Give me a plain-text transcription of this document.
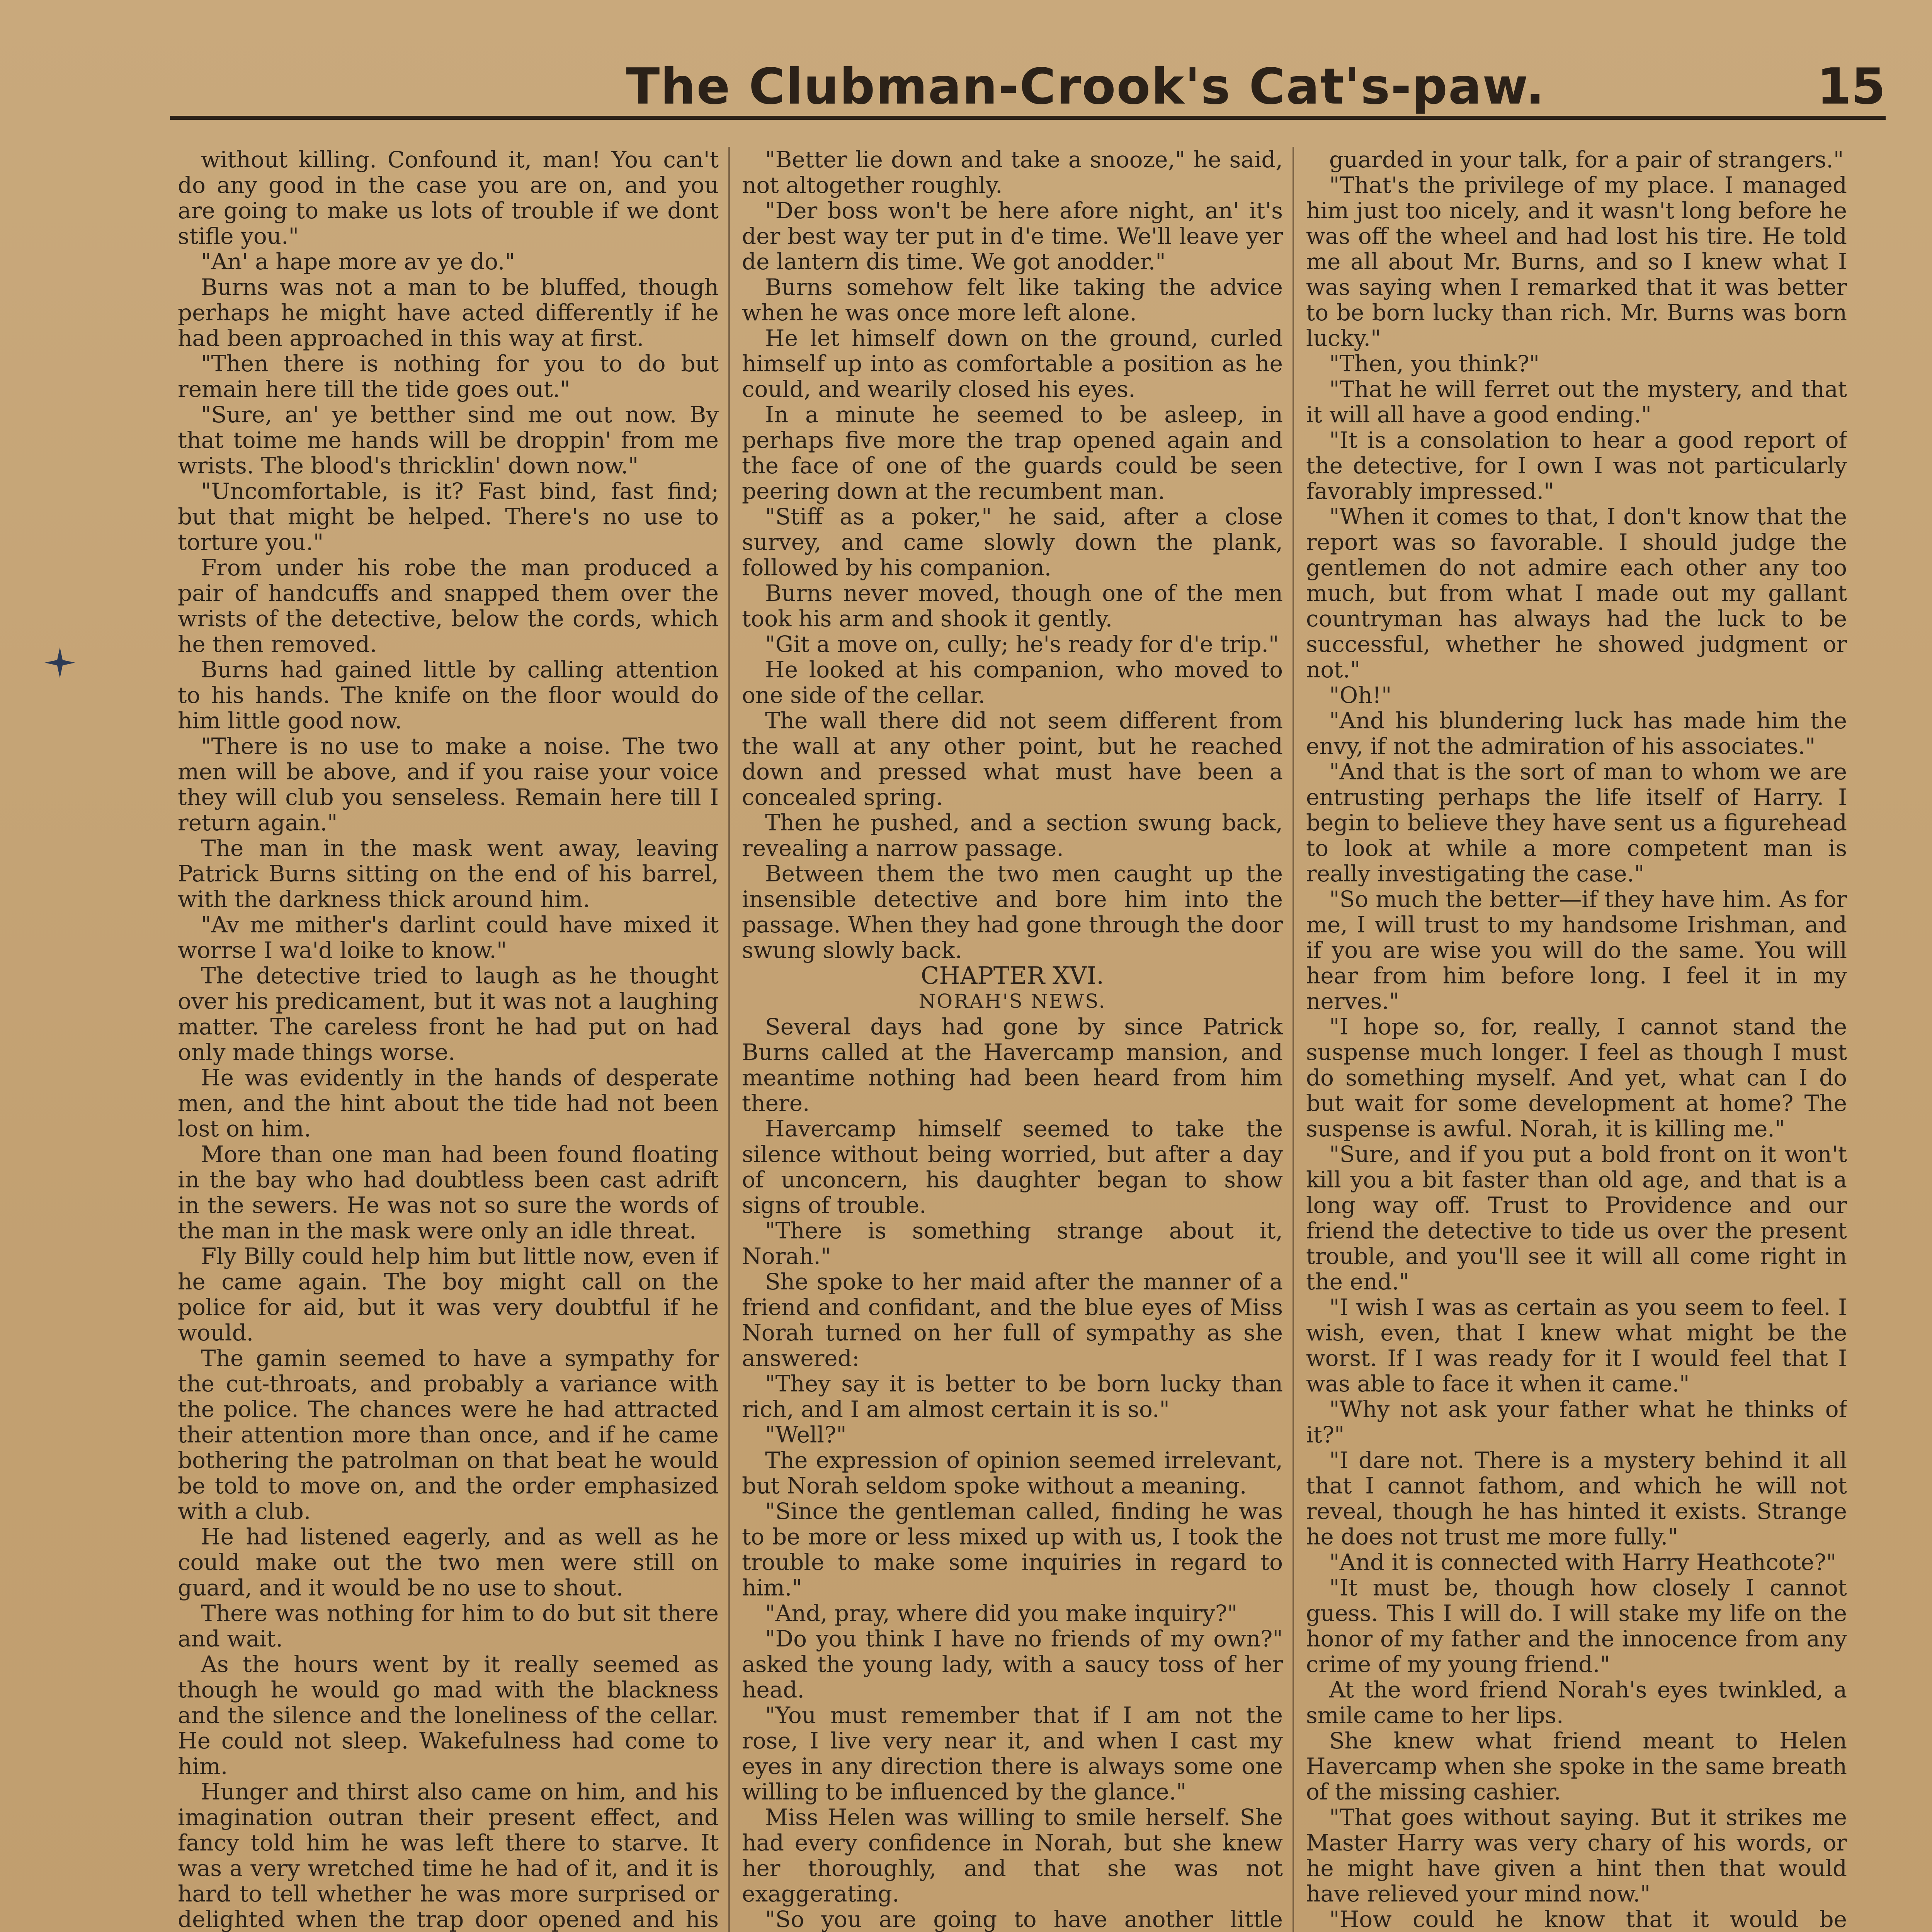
The Clubman-Crook's Cat's-paw.	15

without killing. Confound it, man! You can't do any good in the case you are on, and you are going to make us lots of trouble if we dont stifle you."

"An' a hape more av ye do."

Burns was not a man to be bluffed, though perhaps he might have acted differently if he had been approached in this way at first.

"Then there is nothing for you to do but remain here till the tide goes out."

"Sure, an' ye betther sind me out now. By that toime me hands will be droppin' from me wrists. The blood's thricklin' down now."

"Uncomfortable, is it? Fast bind, fast find; but that might be helped. There's no use to torture you."

From under his robe the man produced a pair of handcuffs and snapped them over the wrists of the detective, below the cords, which he then removed.

Burns had gained little by calling attention to his hands. The knife on the floor would do him little good now.

"There is no use to make a noise. The two men will be above, and if you raise your voice they will club you senseless. Remain here till I return again."

The man in the mask went away, leaving Patrick Burns sitting on the end of his barrel, with the darkness thick around him.

"Av me mither's darlint could have mixed it worrse I wa'd loike to know."

The detective tried to laugh as he thought over his predicament, but it was not a laughing matter. The careless front he had put on had only made things worse.

He was evidently in the hands of desperate men, and the hint about the tide had not been lost on him.

More than one man had been found floating in the bay who had doubtless been cast adrift in the sewers. He was not so sure the words of the man in the mask were only an idle threat.

Fly Billy could help him but little now, even if he came again. The boy might call on the police for aid, but it was very doubtful if he would.

The gamin seemed to have a sympathy for the cut-throats, and probably a variance with the police. The chances were he had attracted their attention more than once, and if he came bothering the patrolman on that beat he would be told to move on, and the order emphasized with a club.

He had listened eagerly, and as well as he could make out the two men were still on guard, and it would be no use to shout.

There was nothing for him to do but sit there and wait.

As the hours went by it really seemed as though he would go mad with the blackness and the silence and the loneliness of the cellar. He could not sleep. Wakefulness had come to him.

Hunger and thirst also came on him, and his imagination outran their present effect, and fancy told him he was left there to starve. It was a very wretched time he had of it, and it is hard to tell whether he was more surprised or delighted when the trap door opened and his

"Better lie down and take a snooze," he said, not altogether roughly.

"Der boss won't be here afore night, an' it's der best way ter put in d'e time. We'll leave yer de lantern dis time. We got anodder."

Burns somehow felt like taking the advice when he was once more left alone.

He let himself down on the ground, curled himself up into as comfortable a position as he could, and wearily closed his eyes.

In a minute he seemed to be asleep, in perhaps five more the trap opened again and the face of one of the guards could be seen peering down at the recumbent man.

"Stiff as a poker," he said, after a close survey, and came slowly down the plank, followed by his companion.

Burns never moved, though one of the men took his arm and shook it gently.

"Git a move on, cully; he's ready for d'e trip."

He looked at his companion, who moved to one side of the cellar.

The wall there did not seem different from the wall at any other point, but he reached down and pressed what must have been a concealed spring.

Then he pushed, and a section swung back, revealing a narrow passage.

Between them the two men caught up the insensible detective and bore him into the passage. When they had gone through the door swung slowly back.

CHAPTER XVI.

NORAH'S NEWS.

Several days had gone by since Patrick Burns called at the Havercamp mansion, and meantime nothing had been heard from him there.

Havercamp himself seemed to take the silence without being worried, but after a day of unconcern, his daughter began to show signs of trouble.

"There is something strange about it, Norah."

She spoke to her maid after the manner of a friend and confidant, and the blue eyes of Miss Norah turned on her full of sympathy as she answered:

"They say it is better to be born lucky than rich, and I am almost certain it is so."

"Well?"

The expression of opinion seemed irrelevant, but Norah seldom spoke without a meaning.

"Since the gentleman called, finding he was to be more or less mixed up with us, I took the trouble to make some inquiries in regard to him."

"And, pray, where did you make inquiry?"

"Do you think I have no friends of my own?" asked the young lady, with a saucy toss of her head.

"You must remember that if I am not the rose, I live very near it, and when I cast my eyes in any direction there is always some one willing to be influenced by the glance."

Miss Helen was willing to smile herself. She had every confidence in Norah, but she knew her thoroughly, and that she was not exaggerating.

"So you are going to have another little

guarded in your talk, for a pair of strangers."

"That's the privilege of my place. I managed him just too nicely, and it wasn't long before he was off the wheel and had lost his tire. He told me all about Mr. Burns, and so I knew what I was saying when I remarked that it was better to be born lucky than rich. Mr. Burns was born lucky."

"Then, you think?"

"That he will ferret out the mystery, and that it will all have a good ending."

"It is a consolation to hear a good report of the detective, for I own I was not particularly favorably impressed."

"When it comes to that, I don't know that the report was so favorable. I should judge the gentlemen do not admire each other any too much, but from what I made out my gallant countryman has always had the luck to be successful, whether he showed judgment or not."

"Oh!"

"And his blundering luck has made him the envy, if not the admiration of his associates."

"And that is the sort of man to whom we are entrusting perhaps the life itself of Harry. I begin to believe they have sent us a figurehead to look at while a more competent man is really investigating the case."

"So much the better—if they have him. As for me, I will trust to my handsome Irishman, and if you are wise you will do the same. You will hear from him before long. I feel it in my nerves."

"I hope so, for, really, I cannot stand the suspense much longer. I feel as though I must do something myself. And yet, what can I do but wait for some development at home? The suspense is awful. Norah, it is killing me."

"Sure, and if you put a bold front on it won't kill you a bit faster than old age, and that is a long way off. Trust to Providence and our friend the detective to tide us over the present trouble, and you'll see it will all come right in the end."

"I wish I was as certain as you seem to feel. I wish, even, that I knew what might be the worst. If I was ready for it I would feel that I was able to face it when it came."

"Why not ask your father what he thinks of it?"

"I dare not. There is a mystery behind it all that I cannot fathom, and which he will not reveal, though he has hinted it exists. Strange he does not trust me more fully."

"And it is connected with Harry Heathcote?"

"It must be, though how closely I cannot guess. This I will do. I will stake my life on the honor of my father and the innocence from any crime of my young friend."

At the word friend Norah's eyes twinkled, a smile came to her lips.

She knew what friend meant to Helen Havercamp when she spoke in the same breath of the missing cashier.

"That goes without saying. But it strikes me Master Harry was very chary of his words, or he might have given a hint then that would have relieved your mind now."

"How could he know that it would be
